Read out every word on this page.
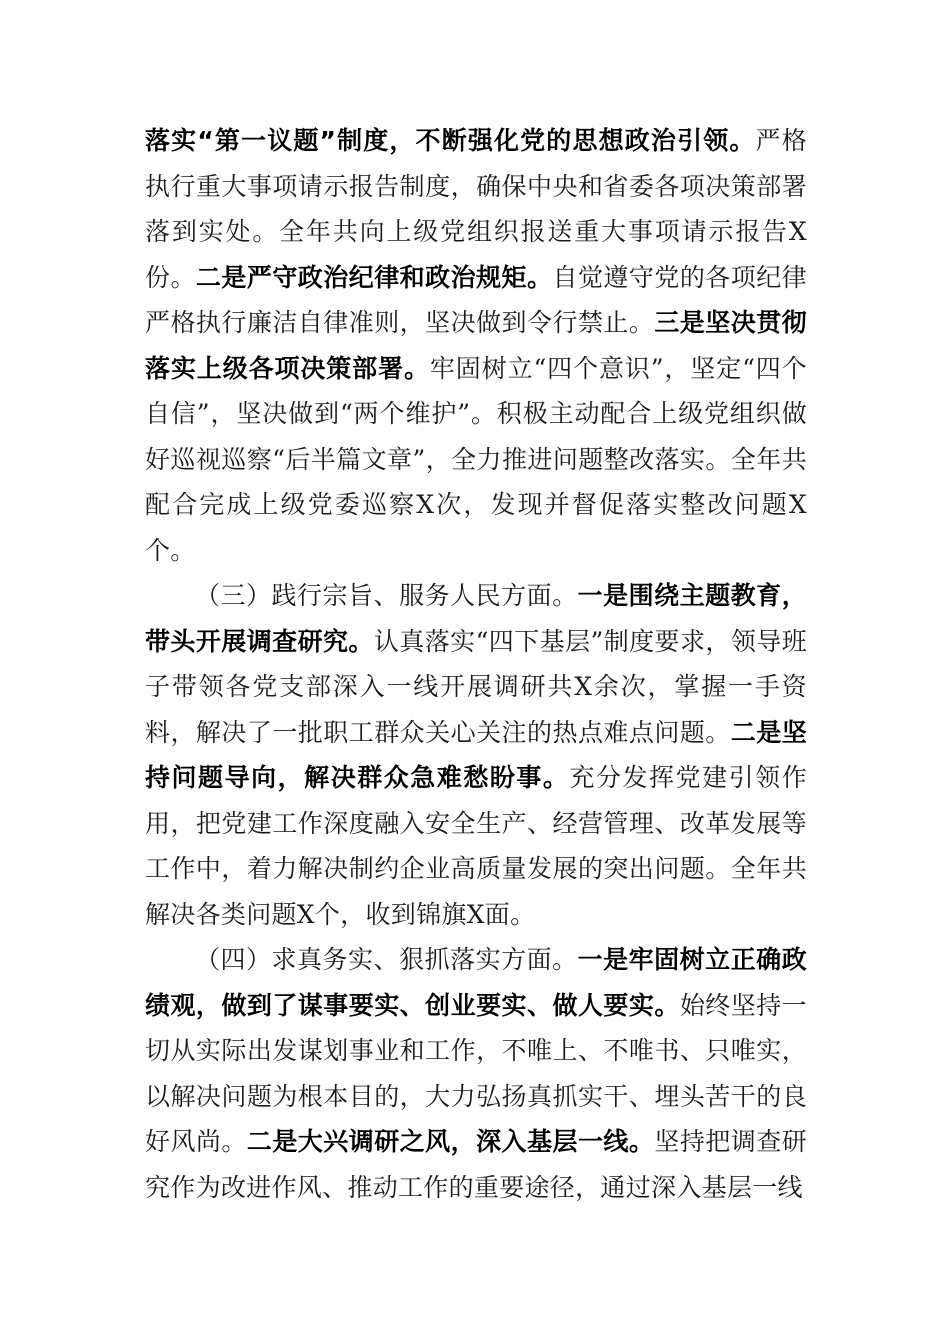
落实“第一议题”制度，不断强化党的思想政治引领。严格执行重大事项请示报告制度，确保中央和省委各项决策部署落到实处。全年共向上级党组织报送重大事项请示报告X份。二是严守政治纪律和政治规矩。自觉遵守党的各项纪律严格执行廉洁自律准则，坚决做到令行禁止。三是坚决贯彻落实上级各项决策部署。牢固树立“四个意识”，坚定“四个自信”，坚决做到“两个维护”。积极主动配合上级党组织做好巡视巡察“后半篇文章”，全力推进问题整改落实。全年共配合完成上级党委巡察X次，发现并督促落实整改问题X个。

（三）践行宗旨、服务人民方面。一是围绕主题教育，带头开展调查研究。认真落实“四下基层”制度要求，领导班子带领各党支部深入一线开展调研共X余次，掌握一手资料，解决了一批职工群众关心关注的热点难点问题。二是坚持问题导向，解决群众急难愁盼事。充分发挥党建引领作用，把党建工作深度融入安全生产、经营管理、改革发展等工作中，着力解决制约企业高质量发展的突出问题。全年共解决各类问题X个，收到锦旗X面。

（四）求真务实、狠抓落实方面。一是牢固树立正确政绩观，做到了谋事要实、创业要实、做人要实。始终坚持一切从实际出发谋划事业和工作，不唯上、不唯书、只唯实，以解决问题为根本目的，大力弘扬真抓实干、埋头苦干的良好风尚。二是大兴调研之风，深入基层一线。坚持把调查研究作为改进作风、推动工作的重要途径，通过深入基层一线
